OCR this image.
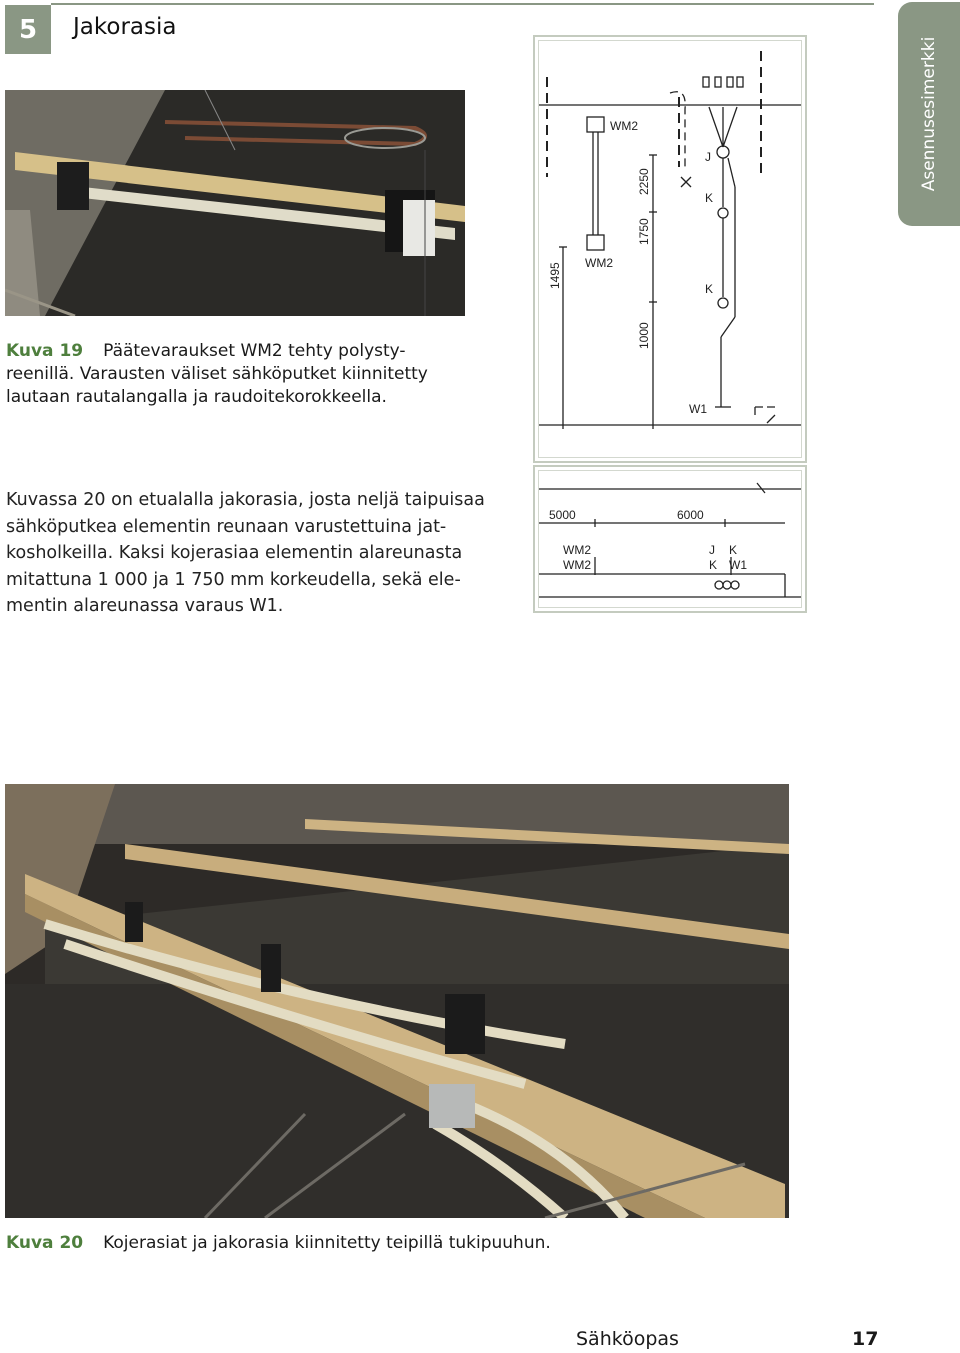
5	Jakorasia
Asennusesimerkki
Kuva 19 Päätevaraukset WM2 tehty polysty-
reenillä. Varausten väliset sähköputket kiinnitetty
lautaan rautalangalla ja raudoitekorokkeella.
Kuvassa 20 on etualalla jakorasia, josta neljä taipuisaa
sähköputkea elementin reunaan varustettuina jat-
kosholkeilla. Kaksi kojerasiaa elementin alareunasta
mitattuna 1 000 ja 1 750 mm korkeudella, sekä ele-
mentin alareunassa varaus W1.
WM2
WM2
J
K
K
W1
1495
2250
1750
1000
5000	6000
WM2
WM2
J K
K W1
Kuva 20 Kojerasiat ja jakorasia kiinnitetty teipillä tukipuuhun.
Sähköopas	17
